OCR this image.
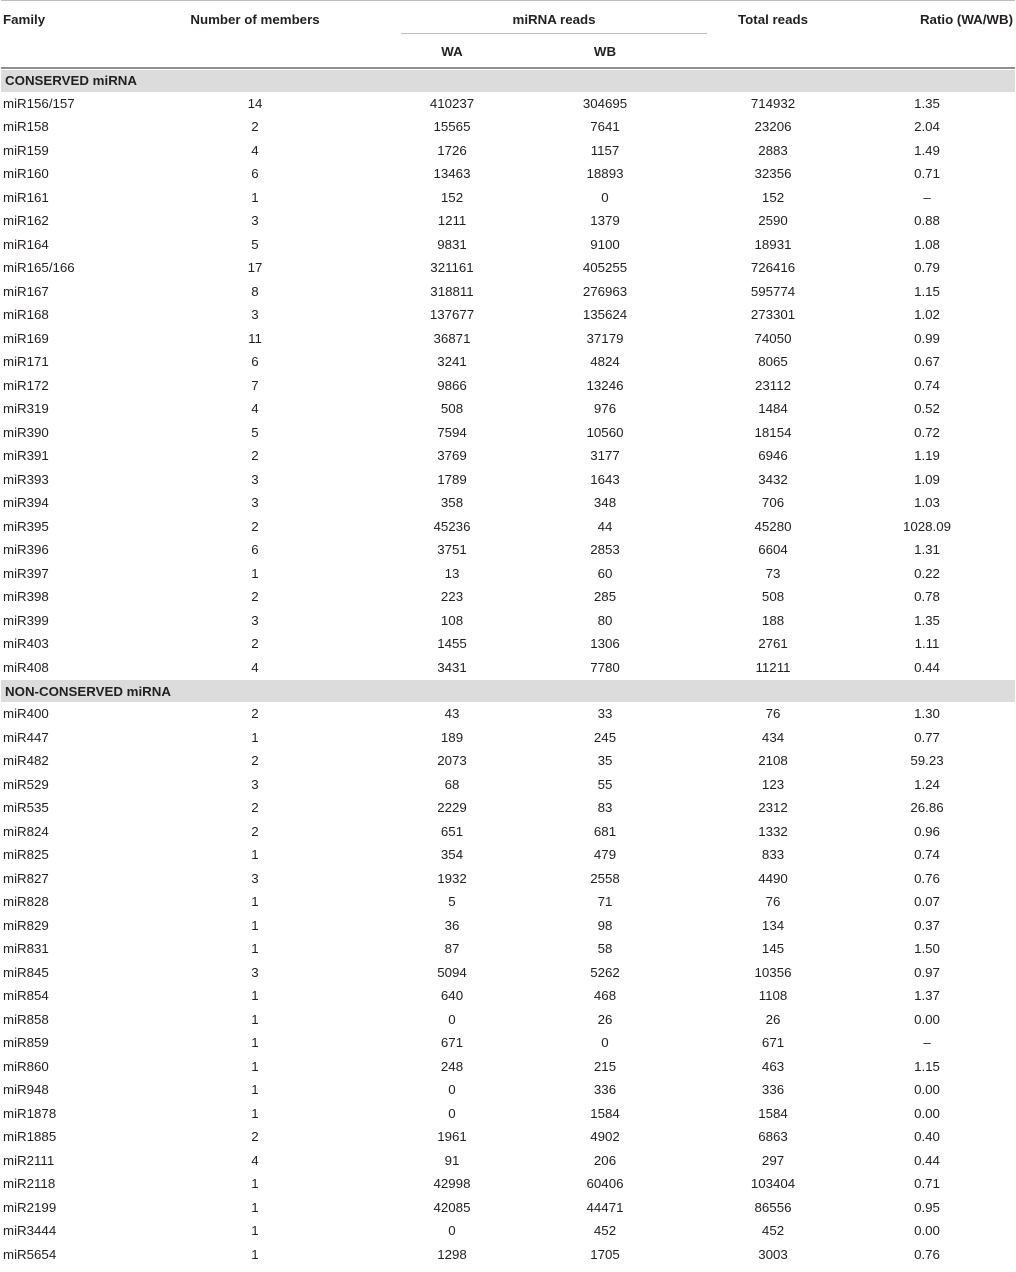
Family	Number of members	miRNA reads		Total reads	Ratio (WA/WB)
		WA	WB		

CONSERVED miRNA					
miR156/157	14	410237	304695	714932	1.35
miR158	2	15565	7641	23206	2.04
miR159	4	1726	1157	2883	1.49
miR160	6	13463	18893	32356	0.71
miR161	1	152	0	152	–
miR162	3	1211	1379	2590	0.88
miR164	5	9831	9100	18931	1.08
miR165/166	17	321161	405255	726416	0.79
miR167	8	318811	276963	595774	1.15
miR168	3	137677	135624	273301	1.02
miR169	11	36871	37179	74050	0.99
miR171	6	3241	4824	8065	0.67
miR172	7	9866	13246	23112	0.74
miR319	4	508	976	1484	0.52
miR390	5	7594	10560	18154	0.72
miR391	2	3769	3177	6946	1.19
miR393	3	1789	1643	3432	1.09
miR394	3	358	348	706	1.03
miR395	2	45236	44	45280	1028.09
miR396	6	3751	2853	6604	1.31
miR397	1	13	60	73	0.22
miR398	2	223	285	508	0.78
miR399	3	108	80	188	1.35
miR403	2	1455	1306	2761	1.11
miR408	4	3431	7780	11211	0.44

NON-CONSERVED miRNA					
miR400	2	43	33	76	1.30
miR447	1	189	245	434	0.77
miR482	2	2073	35	2108	59.23
miR529	3	68	55	123	1.24
miR535	2	2229	83	2312	26.86
miR824	2	651	681	1332	0.96
miR825	1	354	479	833	0.74
miR827	3	1932	2558	4490	0.76
miR828	1	5	71	76	0.07
miR829	1	36	98	134	0.37
miR831	1	87	58	145	1.50
miR845	3	5094	5262	10356	0.97
miR854	1	640	468	1108	1.37
miR858	1	0	26	26	0.00
miR859	1	671	0	671	–
miR860	1	248	215	463	1.15
miR948	1	0	336	336	0.00
miR1878	1	0	1584	1584	0.00
miR1885	2	1961	4902	6863	0.40
miR2111	4	91	206	297	0.44
miR2118	1	42998	60406	103404	0.71
miR2199	1	42085	44471	86556	0.95
miR3444	1	0	452	452	0.00
miR5654	1	1298	1705	3003	0.76
